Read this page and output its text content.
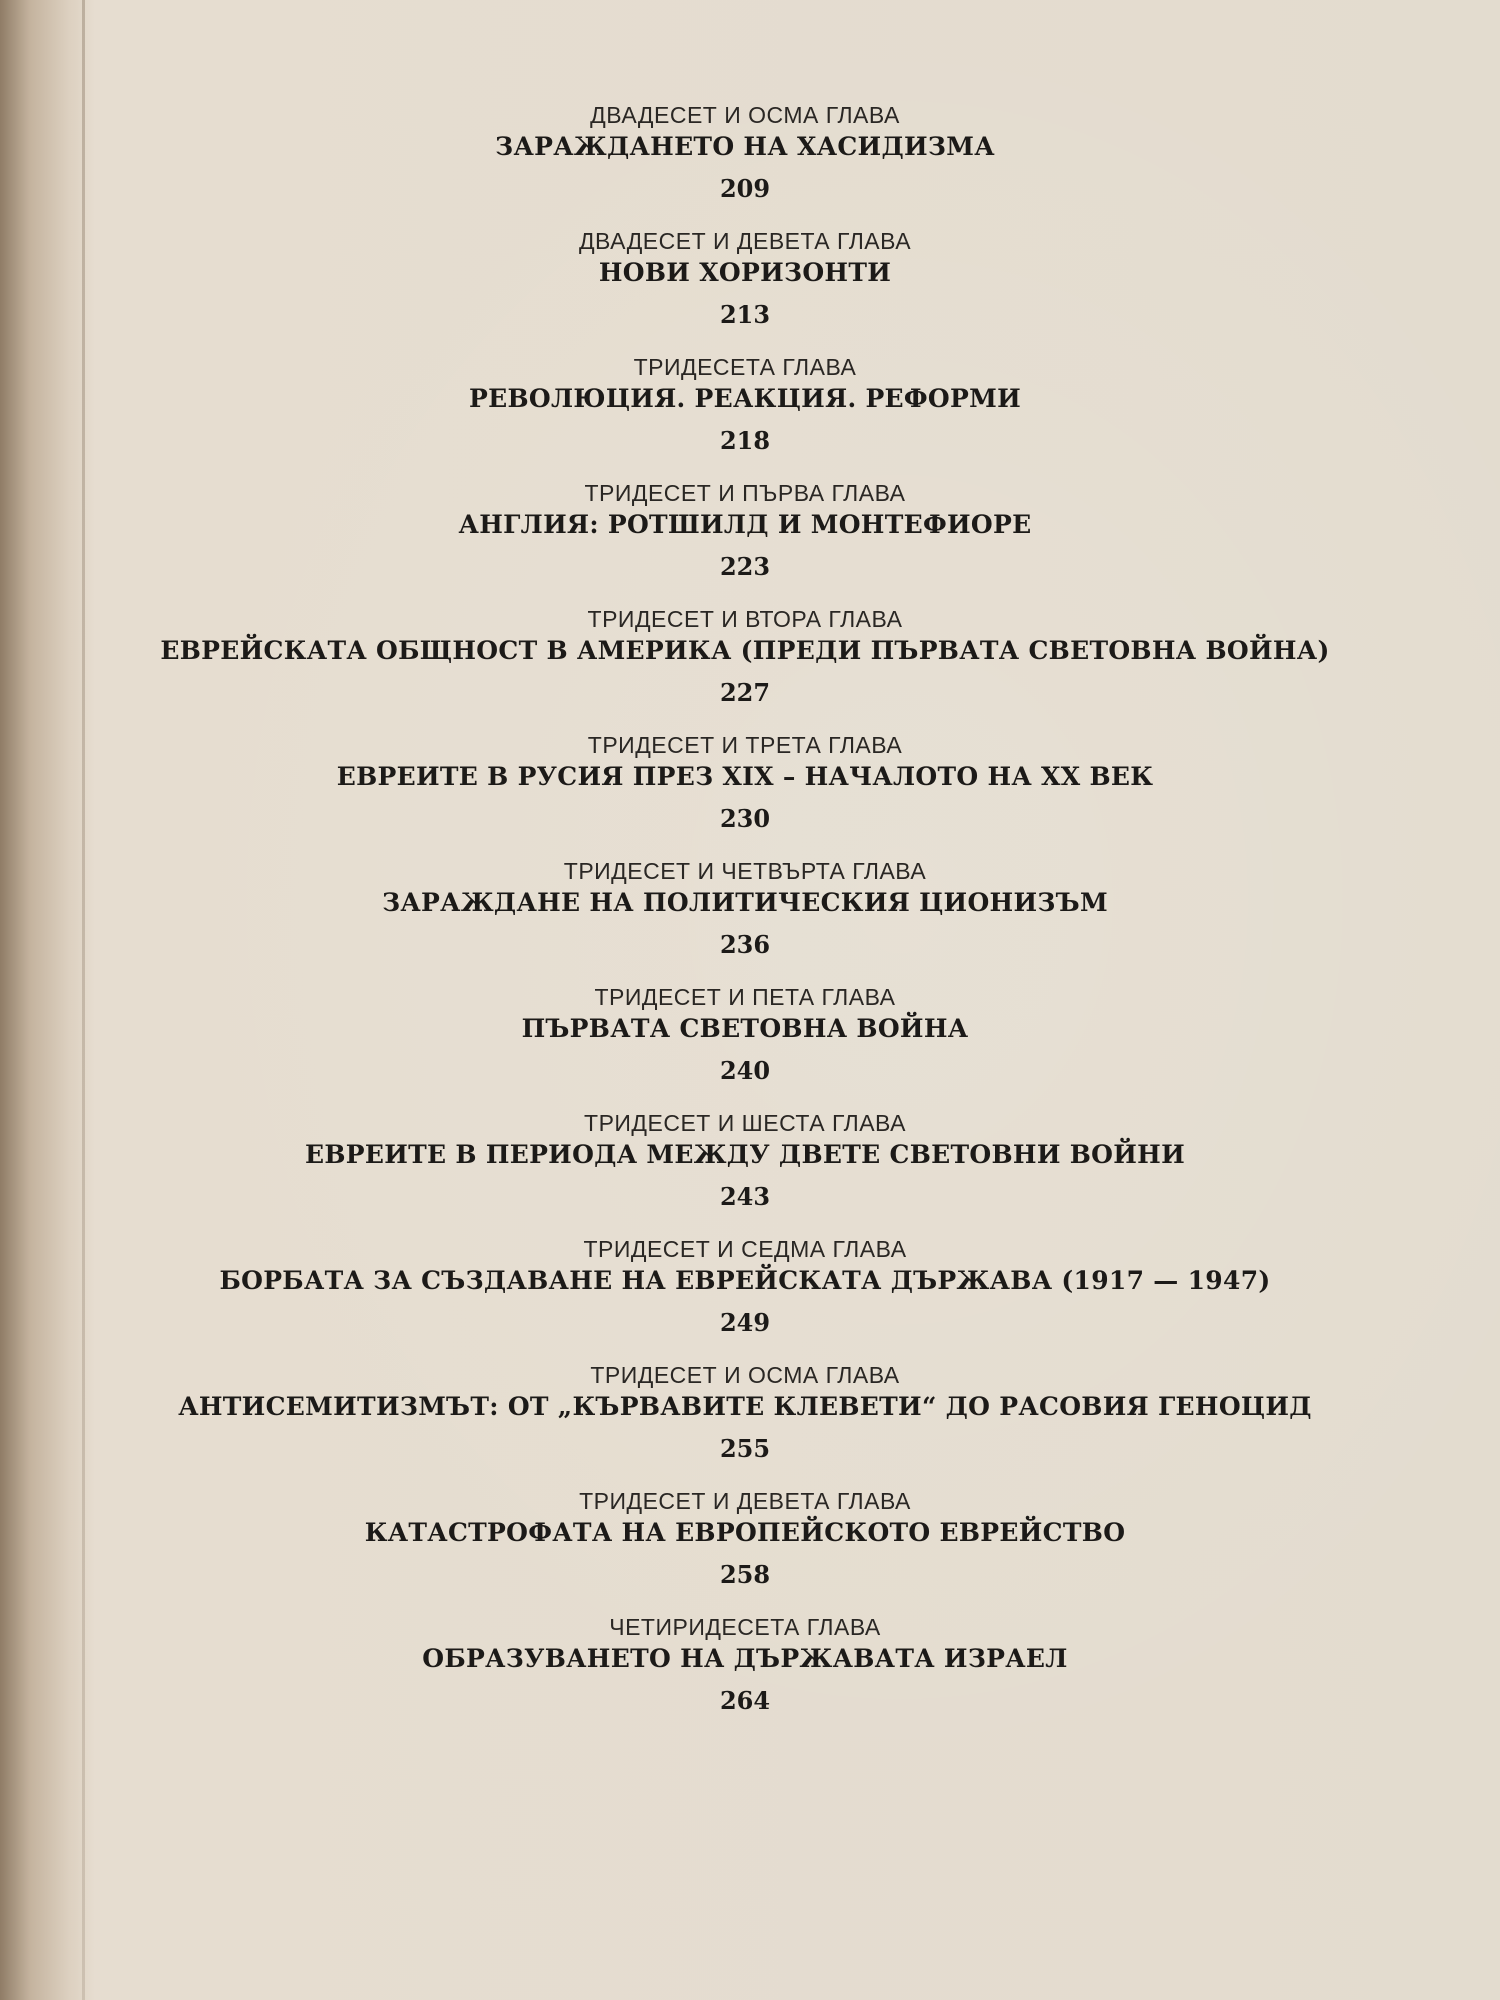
ДВАДЕСЕТ И ОСМА ГЛАВА
ЗАРАЖДАНЕТО НА ХАСИДИЗМА
209
ДВАДЕСЕТ И ДЕВЕТА ГЛАВА
НОВИ ХОРИЗОНТИ
213
ТРИДЕСЕТА ГЛАВА
РЕВОЛЮЦИЯ. РЕАКЦИЯ. РЕФОРМИ
218
ТРИДЕСЕТ И ПЪРВА ГЛАВА
АНГЛИЯ: РОТШИЛД И МОНТЕФИОРЕ
223
ТРИДЕСЕТ И ВТОРА ГЛАВА
ЕВРЕЙСКАТА ОБЩНОСТ В АМЕРИКА (ПРЕДИ ПЪРВАТА СВЕТОВНА ВОЙНА)
227
ТРИДЕСЕТ И ТРЕТА ГЛАВА
ЕВРЕИТЕ В РУСИЯ ПРЕЗ XIX – НАЧАЛОТО НА XX ВЕК
230
ТРИДЕСЕТ И ЧЕТВЪРТА ГЛАВА
ЗАРАЖДАНЕ НА ПОЛИТИЧЕСКИЯ ЦИОНИЗЪМ
236
ТРИДЕСЕТ И ПЕТА ГЛАВА
ПЪРВАТА СВЕТОВНА ВОЙНА
240
ТРИДЕСЕТ И ШЕСТА ГЛАВА
ЕВРЕИТЕ В ПЕРИОДА МЕЖДУ ДВЕТЕ СВЕТОВНИ ВОЙНИ
243
ТРИДЕСЕТ И СЕДМА ГЛАВА
БОРБАТА ЗА СЪЗДАВАНЕ НА ЕВРЕЙСКАТА ДЪРЖАВА (1917 — 1947)
249
ТРИДЕСЕТ И ОСМА ГЛАВА
АНТИСЕМИТИЗМЪТ: ОТ „КЪРВАВИТЕ КЛЕВЕТИ“ ДО РАСОВИЯ ГЕНОЦИД
255
ТРИДЕСЕТ И ДЕВЕТА ГЛАВА
КАТАСТРОФАТА НА ЕВРОПЕЙСКОТО ЕВРЕЙСТВО
258
ЧЕТИРИДЕСЕТА ГЛАВА
ОБРАЗУВАНЕТО НА ДЪРЖАВАТА ИЗРАЕЛ
264
